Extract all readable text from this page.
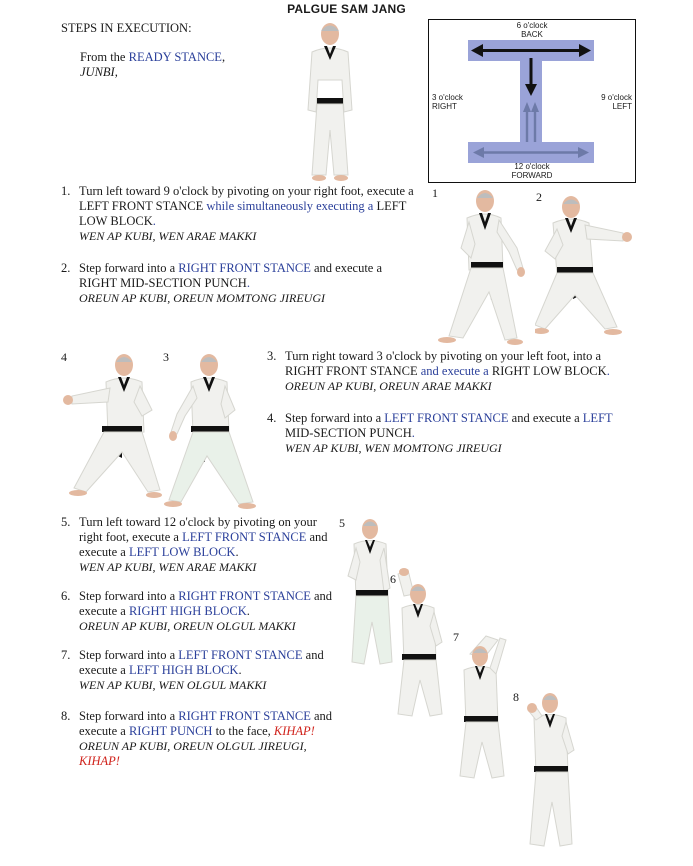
PALGUE SAM JANG
STEPS IN EXECUTION:
From the READY STANCE,
JUNBI,
6 o'clock
BACK
12 o'clock
FORWARD
3 o'clock
RIGHT
9 o'clock
LEFT
1. Turn left toward 9 o'clock by pivoting on your right foot, execute a
LEFT FRONT STANCE while simultaneously executing a LEFT
LOW BLOCK.
WEN AP KUBI, WEN ARAE MAKKI
2. Step forward into a RIGHT FRONT STANCE and execute a
RIGHT MID-SECTION PUNCH.
OREUN AP KUBI, OREUN MOMTONG JIREUGI
3. Turn right toward 3 o'clock by pivoting on your left foot, into a
RIGHT FRONT STANCE and execute a RIGHT LOW BLOCK.
OREUN AP KUBI, OREUN ARAE MAKKI
4. Step forward into a LEFT FRONT STANCE and execute a LEFT
MID-SECTION PUNCH.
WEN AP KUBI, WEN MOMTONG JIREUGI
5. Turn left toward 12 o'clock by pivoting on your
right foot, execute a LEFT FRONT STANCE and
execute a LEFT LOW BLOCK.
WEN AP KUBI, WEN ARAE MAKKI
6. Step forward into a RIGHT FRONT STANCE and
execute a RIGHT HIGH BLOCK.
OREUN AP KUBI, OREUN OLGUL MAKKI
7. Step forward into a LEFT FRONT STANCE and
execute a LEFT HIGH BLOCK.
WEN AP KUBI, WEN OLGUL MAKKI
8. Step forward into a RIGHT FRONT STANCE and
execute a RIGHT PUNCH to the face, KIHAP!
OREUN AP KUBI, OREUN OLGUL JIREUGI,
KIHAP!
1	2
4	3
5
6
7
8
